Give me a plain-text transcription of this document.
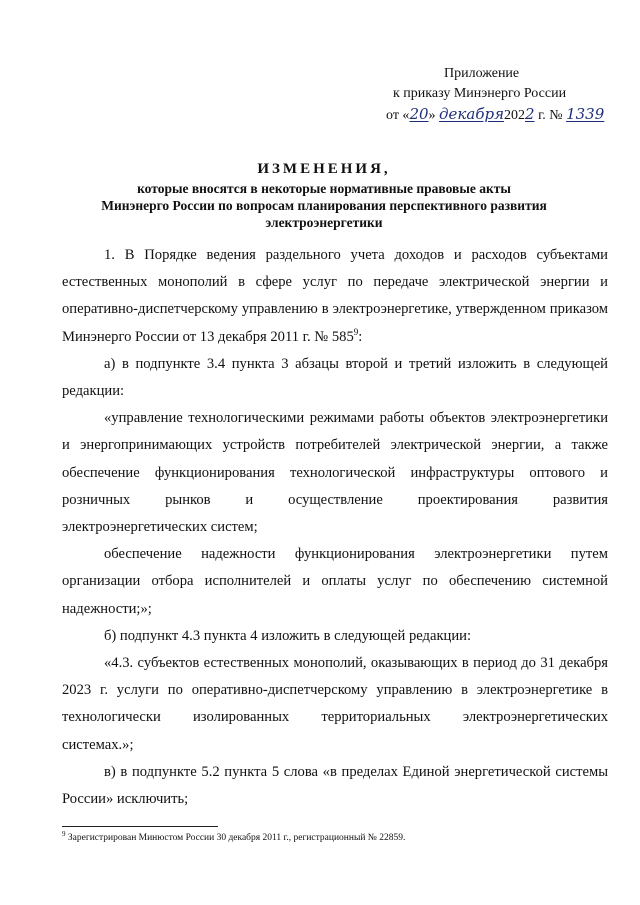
Приложение
к приказу Минэнерго России
от «20» декабря2022 г. № 1339
ИЗМЕНЕНИЯ,
которые вносятся в некоторые нормативные правовые акты
Минэнерго России по вопросам планирования перспективного развития
электроэнергетики

1. В Порядке ведения раздельного учета доходов и расходов субъектами естественных монополий в сфере услуг по передаче электрической энергии и оперативно-диспетчерскому управлению в электроэнергетике, утвержденном приказом Минэнерго России от 13 декабря 2011 г. № $585^9$:

а) в подпункте 3.4 пункта 3 абзацы второй и третий изложить в следующей редакции:

«управление технологическими режимами работы объектов электроэнергетики и энергопринимающих устройств потребителей электрической энергии, а также обеспечение функционирования технологической инфраструктуры оптового и розничных рынков и осуществление проектирования развития

электроэнергетических систем;

обеспечение надежности функционирования электроэнергетики путем организации отбора исполнителей и оплаты услуг по обеспечению системной надежности;»;

б) подпункт 4.3 пункта 4 изложить в следующей редакции:

«4.3. субъектов естественных монополий, оказывающих в период до 31 декабря 2023 г. услуги по оперативно-диспетчерскому управлению в электроэнергетике в технологически изолированных территориальных электроэнергетических

системах.»;

в) в подпункте 5.2 пункта 5 слова «в пределах Единой энергетической системы России» исключить;

$^9$ Зарегистрирован Минюстом России 30 декабря 2011 г., регистрационный № 22859.
